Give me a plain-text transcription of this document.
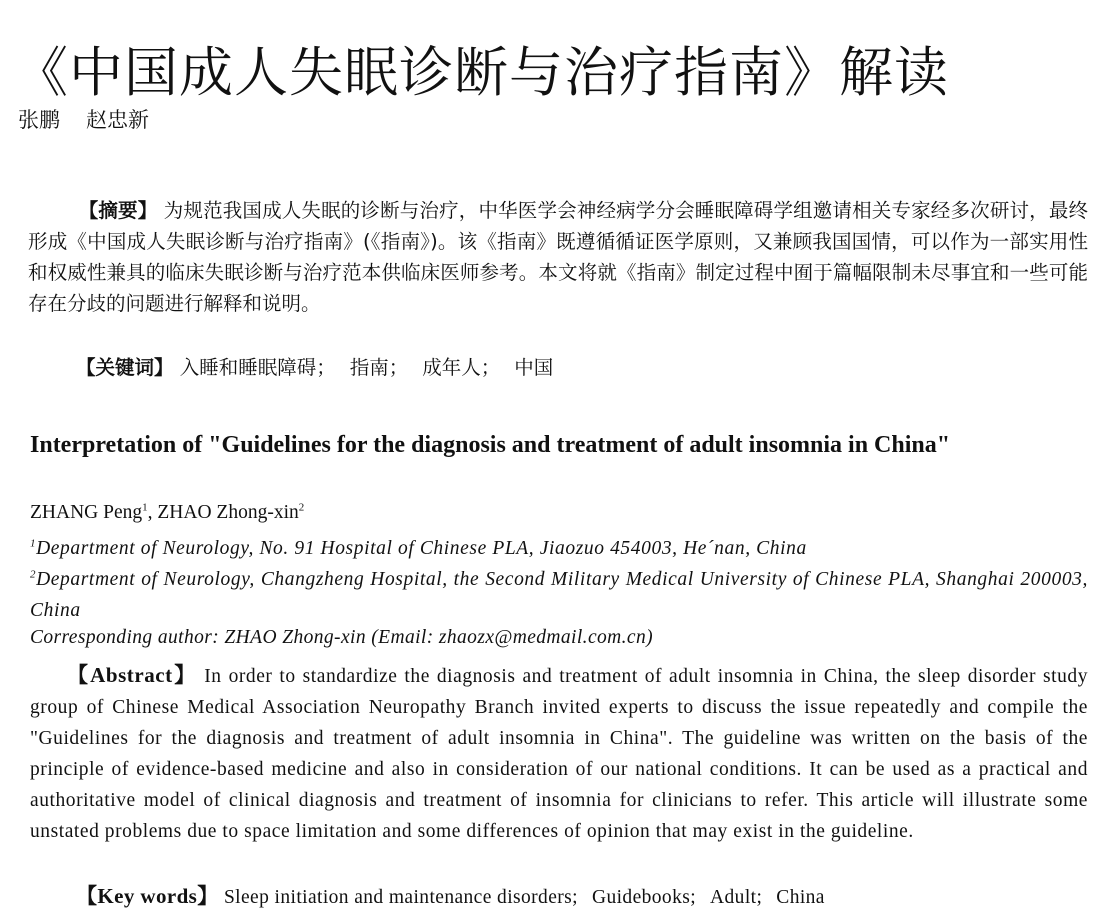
《中国成人失眠诊断与治疗指南》解读
张鹏 赵忠新

【摘要】 为规范我国成人失眠的诊断与治疗，中华医学会神经病学分会睡眠障碍学组邀请相关专家经多次研讨，最终形成《中国成人失眠诊断与治疗指南》(《指南》)。该《指南》既遵循循证医学原则，又兼顾我国国情，可以作为一部实用性和权威性兼具的临床失眠诊断与治疗范本供临床医师参考。本文将就《指南》制定过程中囿于篇幅限制未尽事宜和一些可能存在分歧的问题进行解释和说明。

【关键词】 入睡和睡眠障碍； 指南； 成年人； 中国
Interpretation of "Guidelines for the diagnosis and treatment of adult insomnia in China"
ZHANG Peng$^1$, ZHAO Zhong-xin$^2$
$^1$Department of Neurology, No. 91 Hospital of Chinese PLA, Jiaozuo 454003, He´nan, China
$^2$Department of Neurology, Changzheng Hospital, the Second Military Medical University of Chinese PLA, Shanghai 200003, China
Corresponding author: ZHAO Zhong-xin (Email: zhaozx@medmail.com.cn)

【Abstract】 In order to standardize the diagnosis and treatment of adult insomnia in China, the sleep disorder study group of Chinese Medical Association Neuropathy Branch invited experts to discuss the issue repeatedly and compile the "Guidelines for the diagnosis and treatment of adult insomnia in China". The guideline was written on the basis of the principle of evidence-based medicine and also in consideration of our national conditions. It can be used as a practical and authoritative model of clinical diagnosis and treatment of insomnia for clinicians to refer. This article will illustrate some unstated problems due to space limitation and some differences of opinion that may exist in the guideline.

【Key words】 Sleep initiation and maintenance disorders; Guidebooks; Adult; China
